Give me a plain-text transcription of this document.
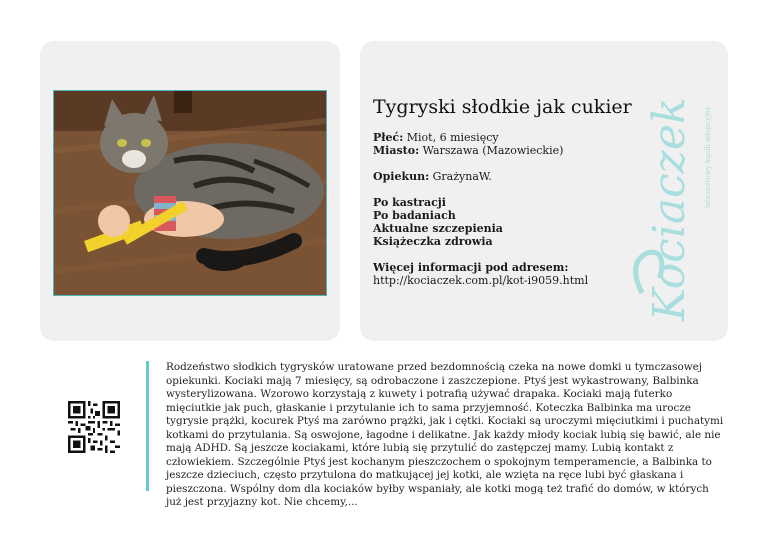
Tygryski słodkie jak cukier
Płeć: Miot, 6 miesięcy
Miasto: Warszawa (Mazowieckie)
Opiekun: GrażynaW.
Po kastracji
Po badaniach
Aktualne szczepienia
Książeczka zdrowia
Więcej informacji pod adresem:
http://kociaczek.com.pl/kot-i9059.html Kociaczek internetowy kącik adopcyjny
Rodzeństwo słodkich tygrysków uratowane przed bezdomnością czeka na nowe domki u tymczasowej opiekunki. Kociaki mają 7 miesięcy, są odrobaczone i zaszczepione. Ptyś jest wykastrowany, Balbinka wysterylizowana. Wzorowo korzystają z kuwety i potrafią używać drapaka. Kociaki mają futerko mięciutkie jak puch, głaskanie i przytulanie ich to sama przyjemność. Koteczka Balbinka ma urocze tygrysie prążki, kocurek Ptyś ma zarówno prążki, jak i cętki. Kociaki są uroczymi mięciutkimi i puchatymi kotkami do przytulania. Są oswojone, łagodne i delikatne. Jak każdy młody kociak lubią się bawić, ale nie mają ADHD. Są jeszcze kociakami, które lubią się przytulić do zastępczej mamy. Lubią kontakt z człowiekiem. Szczególnie Ptyś jest kochanym pieszczochem o spokojnym temperamencie, a Balbinka to jeszcze dzieciuch, często przytulona do matkującej jej kotki, ale wzięta na ręce lubi być głaskana i pieszczona. Wspólny dom dla kociaków byłby wspaniały, ale kotki mogą też trafić do domów, w których już jest przyjazny kot. Nie chcemy,...
